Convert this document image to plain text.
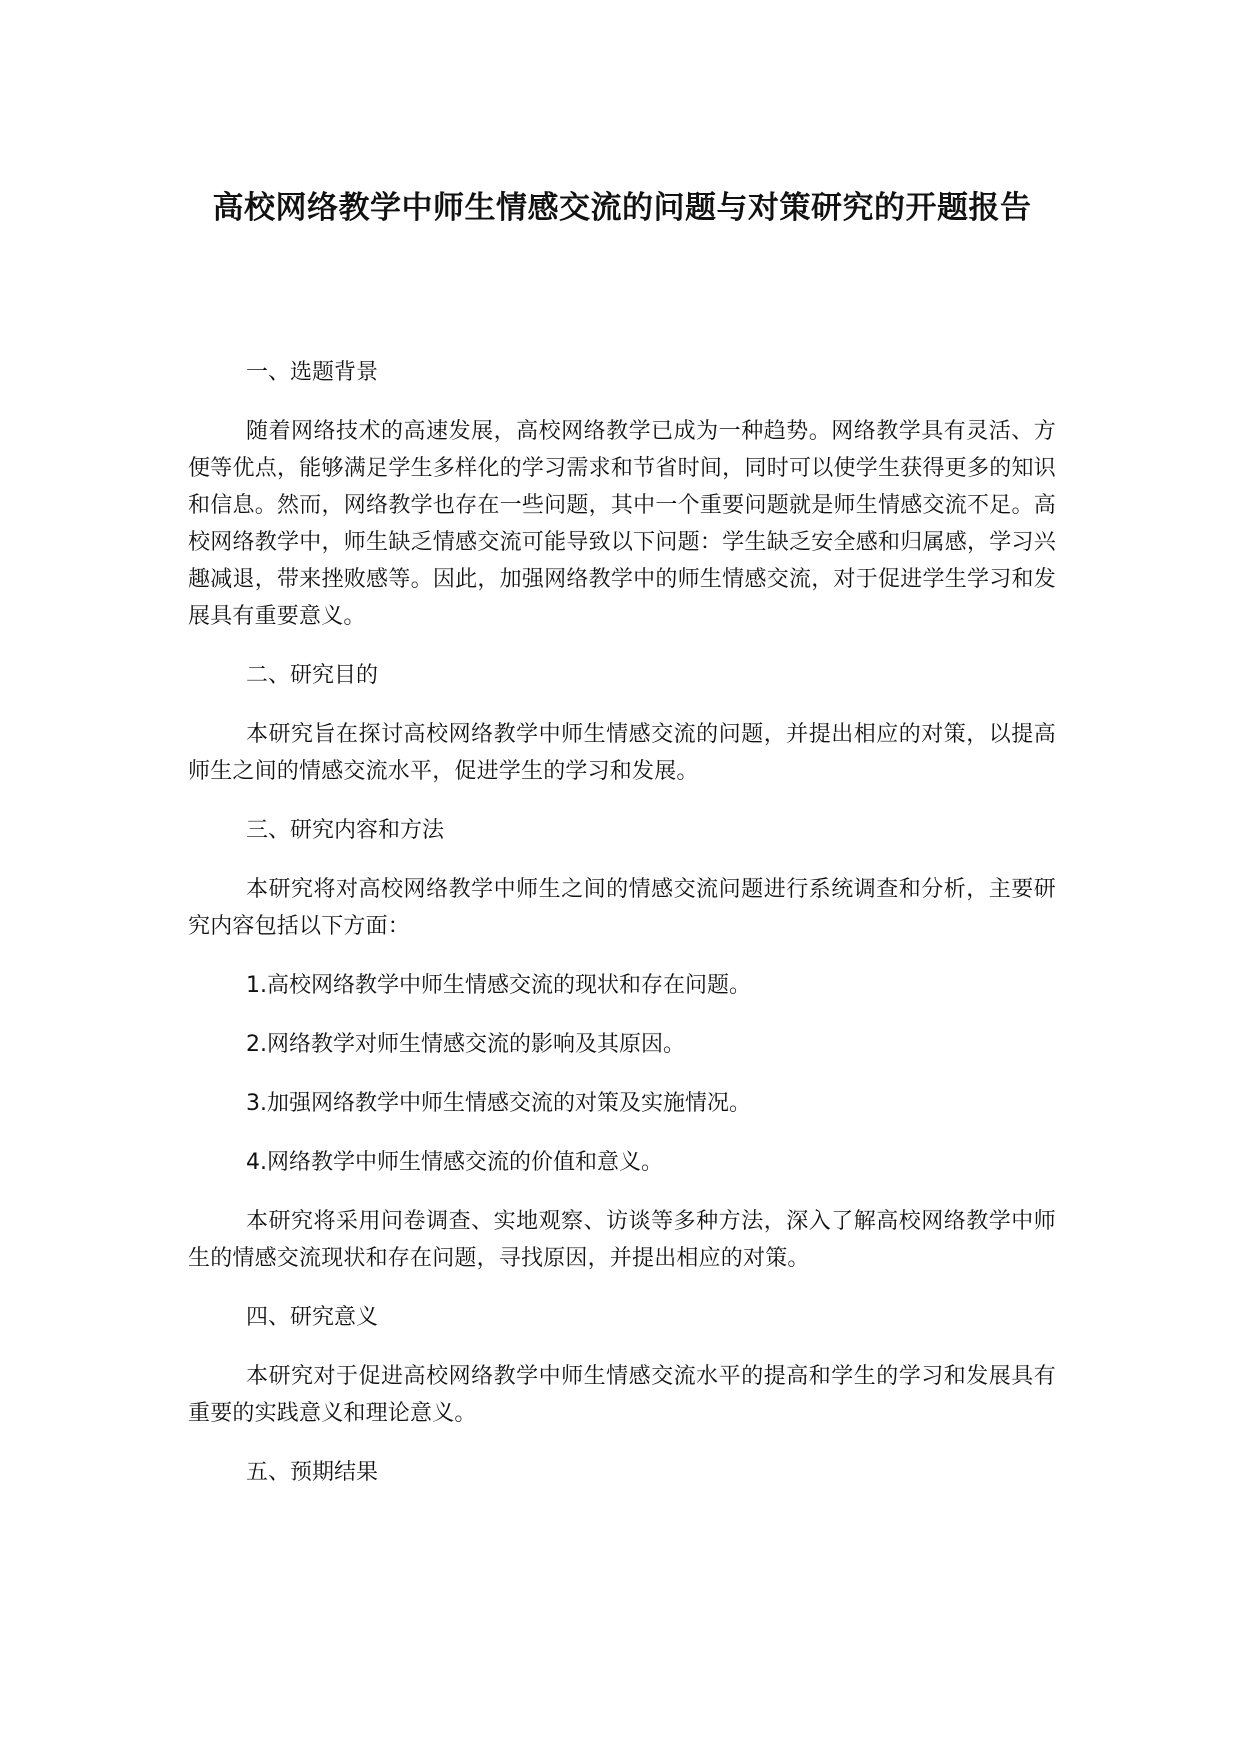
高校网络教学中师生情感交流的问题与对策研究的开题报告
一、选题背景
随着网络技术的高速发展，高校网络教学已成为一种趋势。网络教学具有灵活、方便等优点，能够满足学生多样化的学习需求和节省时间，同时可以使学生获得更多的知识和信息。然而，网络教学也存在一些问题，其中一个重要问题就是师生情感交流不足。高校网络教学中，师生缺乏情感交流可能导致以下问题：学生缺乏安全感和归属感，学习兴趣减退，带来挫败感等。因此，加强网络教学中的师生情感交流，对于促进学生学习和发展具有重要意义。
二、研究目的
本研究旨在探讨高校网络教学中师生情感交流的问题，并提出相应的对策，以提高师生之间的情感交流水平，促进学生的学习和发展。
三、研究内容和方法
本研究将对高校网络教学中师生之间的情感交流问题进行系统调查和分析，主要研究内容包括以下方面：
1.高校网络教学中师生情感交流的现状和存在问题。
2.网络教学对师生情感交流的影响及其原因。
3.加强网络教学中师生情感交流的对策及实施情况。
4.网络教学中师生情感交流的价值和意义。
本研究将采用问卷调查、实地观察、访谈等多种方法，深入了解高校网络教学中师生的情感交流现状和存在问题，寻找原因，并提出相应的对策。
四、研究意义
本研究对于促进高校网络教学中师生情感交流水平的提高和学生的学习和发展具有重要的实践意义和理论意义。
五、预期结果
